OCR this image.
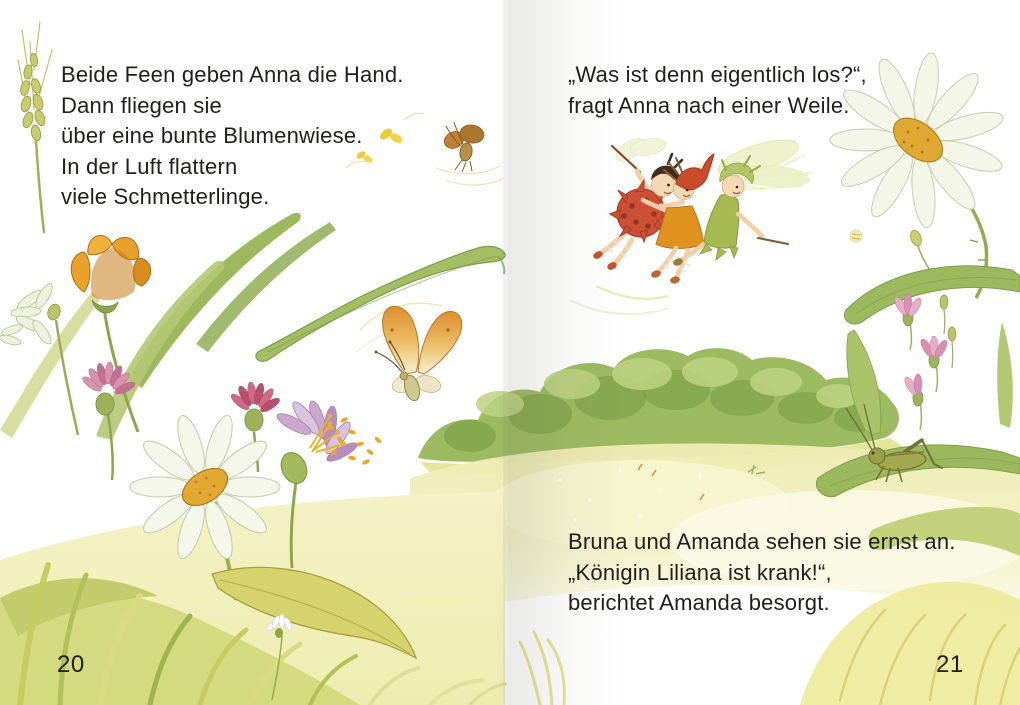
Beide Feen geben Anna die Hand.
Dann fliegen sie
über eine bunte Blumenwiese.
In der Luft flattern
viele Schmetterlinge.
„Was ist denn eigentlich los?“,
fragt Anna nach einer Weile.
Bruna und Amanda sehen sie ernst an.
„Königin Liliana ist krank!“,
berichtet Amanda besorgt.
20	21
